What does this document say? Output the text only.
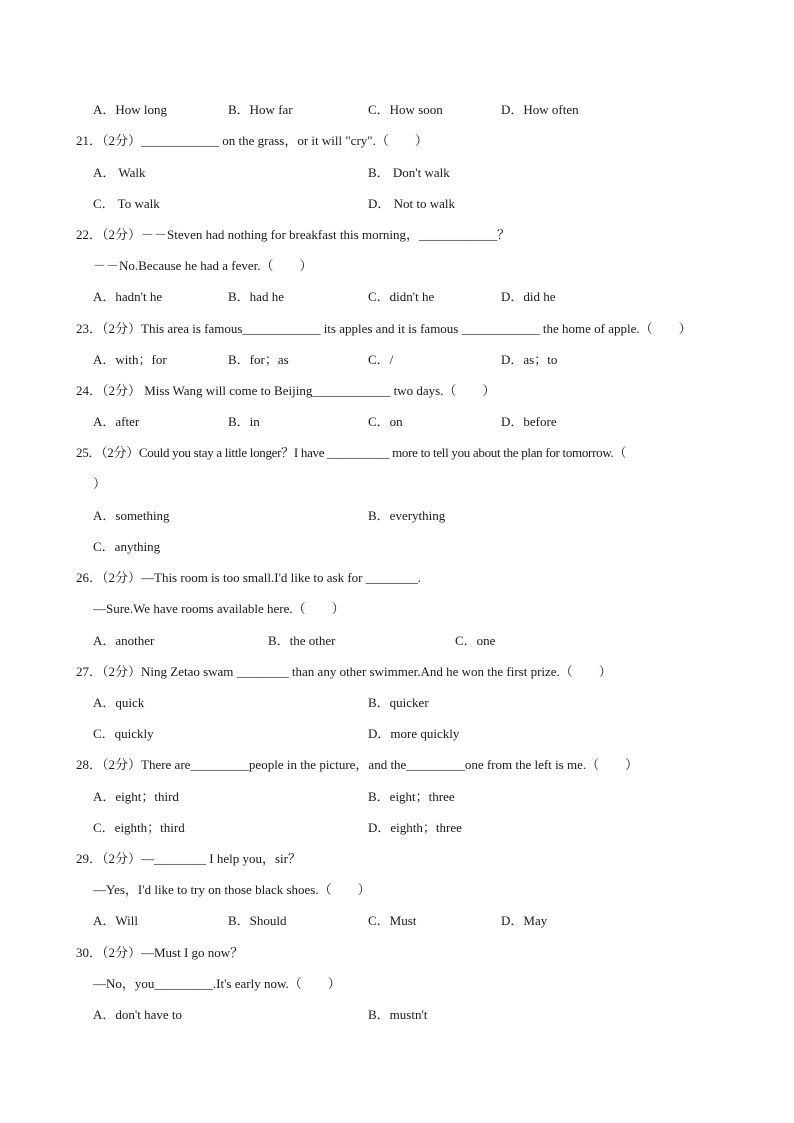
A．How long	B．How far	C．How soon	D．How often
21．（2分）____________ on the grass，or it will "cry".（　　）
A． Walk	B． Don't walk
C． To walk	D． Not to walk
22．（2分）－－Steven had nothing for breakfast this morning，____________？
－－No.Because he had a fever.（　　）
A．hadn't he	B．had he	C．didn't he	D．did he
23．（2分）This area is famous____________ its apples and it is famous ____________ the home of apple.（　　）
A．with；for	B．for；as	C．/	D．as；to
24．（2分） Miss Wang will come to Beijing____________ two days.（　　）
A．after	B．in	C．on	D．before
25．（2分）Could you stay a little longer？I have __________ more to tell you about the plan for tomorrow.（
）
A．something	B．everything
C．anything
26．（2分）—This room is too small.I'd like to ask for ________.
—Sure.We have rooms available here.（　　）
A．another	B．the other	C．one
27．（2分）Ning Zetao swam ________ than any other swimmer.And he won the first prize.（　　）
A．quick	B．quicker
C．quickly	D．more quickly
28．（2分）There are_________people in the picture，and the_________one from the left is me.（　　）
A．eight；third	B．eight；three
C．eighth；third	D．eighth；three
29．（2分）—________ I help you，sir？
—Yes，I'd like to try on those black shoes.（　　）
A．Will	B．Should	C．Must	D．May
30．（2分）—Must I go now？
—No，you_________.It's early now.（　　）
A．don't have to	B．mustn't
